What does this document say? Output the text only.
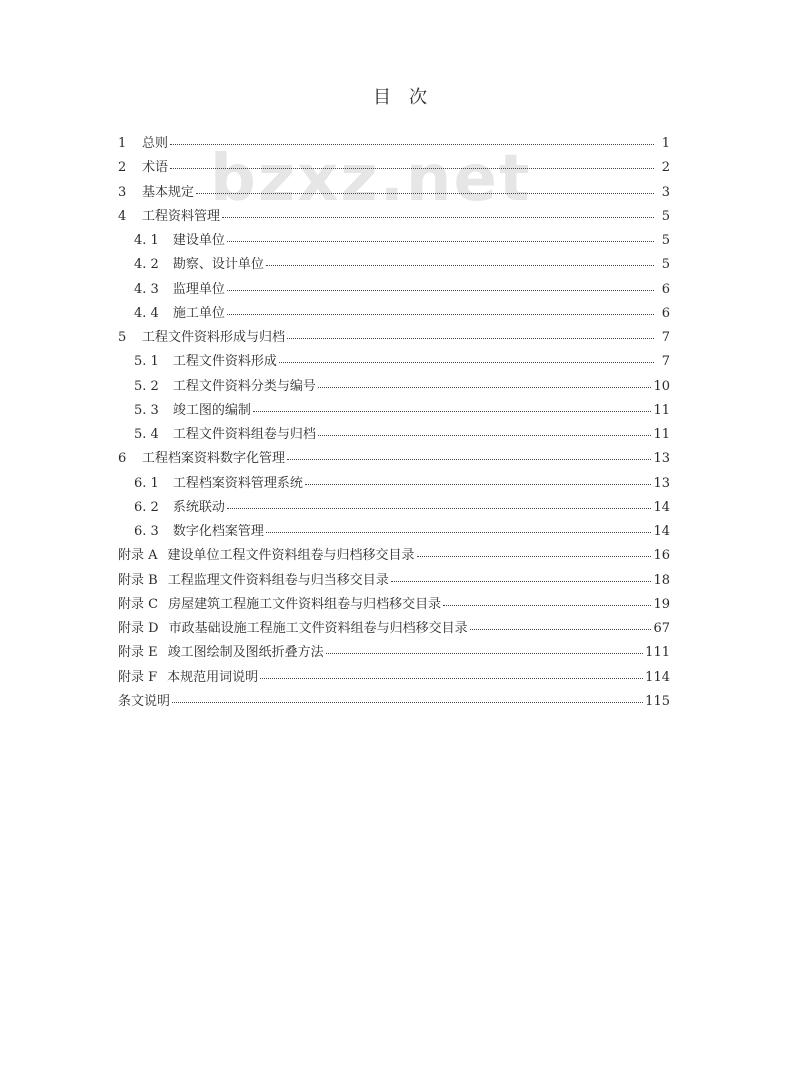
目　次
bzxz.net
1 总则	1
2 术语	2
3 基本规定	3
4 工程资料管理	5
4. 1 建设单位	5
4. 2 勘察、设计单位	5
4. 3 监理单位	6
4. 4 施工单位	6
5 工程文件资料形成与归档	7
5. 1 工程文件资料形成	7
5. 2 工程文件资料分类与编号	10
5. 3 竣工图的编制	11
5. 4 工程文件资料组卷与归档	11
6 工程档案资料数字化管理	13
6. 1 工程档案资料管理系统	13
6. 2 系统联动	14
6. 3 数字化档案管理	14
附录 A 建设单位工程文件资料组卷与归档移交目录	16
附录 B 工程监理文件资料组卷与归当移交目录	18
附录 C 房屋建筑工程施工文件资料组卷与归档移交目录	19
附录 D 市政基础设施工程施工文件资料组卷与归档移交目录	67
附录 E 竣工图绘制及图纸折叠方法	111
附录 F 本规范用词说明	114
条文说明	115
